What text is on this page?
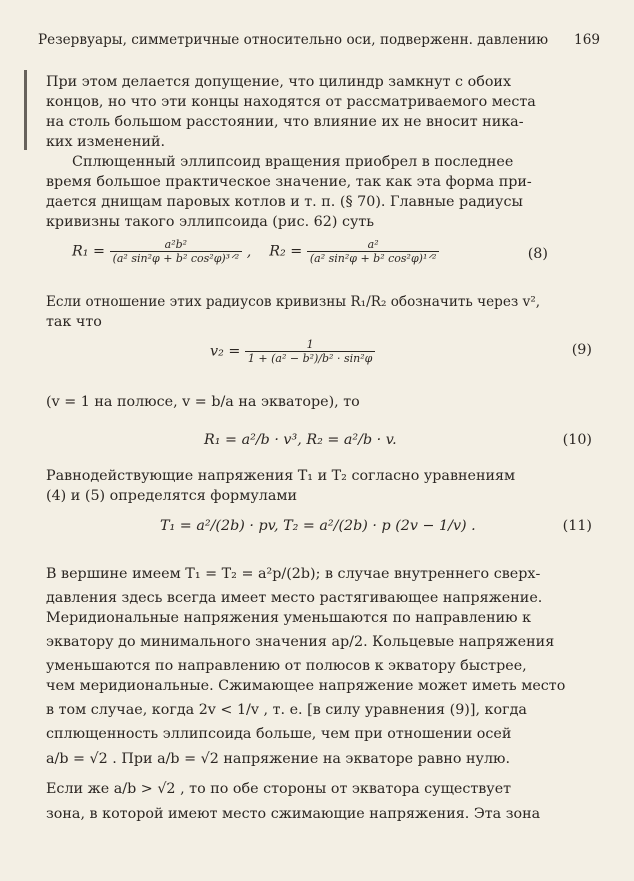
Резервуары, симметричные относительно оси, подверженн. давлению 169
При этом делается допущение, что цилиндр замкнут с обоих
концов, но что эти концы находятся от рассматриваемого места
на столь большом расстоянии, что влияние их не вносит ника-
ких изменений.
Сплющенный эллипсоид вращения приобрел в последнее
время большое практическое значение, так как эта форма при-
дается днищам паровых котлов и т. п. (§ 70). Главные радиусы
кривизны такого эллипсоида (рис. 62) суть
$R_1 = \frac{\text{a²b²}}{\text{(a² sin²φ + b² cos²φ)³ᐟ²}}$ , $R_2 = \frac{\text{a²}}{\text{(a² sin²φ + b² cos²φ)¹ᐟ²}}$	(8)
Если отношение этих радиусов кривизны R₁/R₂ обозначить через v²,
так что
$v_2 = \frac{1}{\text{1 + (a² − b²)/b² · sin²φ}}$	(9)
(v = 1 на полюсе, v = b/a на экваторе), то
R₁ = a²/b · v³, R₂ = a²/b · v.	(10)
Равнодействующие напряжения T₁ и T₂ согласно уравнениям
(4) и (5) определятся формулами
T₁ = a²/(2b) · pv, T₂ = a²/(2b) · p (2v − 1/v) .	(11)
В вершине имеем T₁ = T₂ = a²p/(2b); в случае внутреннего сверх-
давления здесь всегда имеет место растягивающее напряжение.
Меридиональные напряжения уменьшаются по направлению к
экватору до минимального значения ap/2. Кольцевые напряжения
уменьшаются по направлению от полюсов к экватору быстрее,
чем меридиональные. Сжимающее напряжение может иметь место
в том случае, когда 2v < 1/v , т. е. [в силу уравнения (9)], когда
сплющенность эллипсоида больше, чем при отношении осей
a/b = √2 . При a/b = √2 напряжение на экваторе равно нулю.
Если же a/b > √2 , то по обе стороны от экватора существует
зона, в которой имеют место сжимающие напряжения. Эта зона
